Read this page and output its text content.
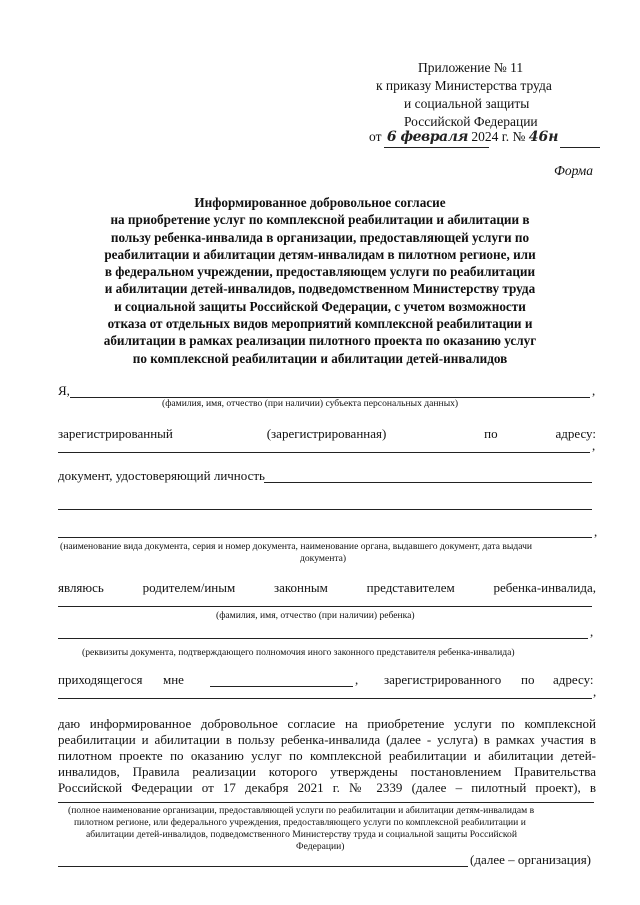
Приложение № 11
к приказу Министерства труда
и социальной защиты
Российской Федерации
от 6 февраля 2024 г. № 46н
Форма
Информированное добровольное согласие
на приобретение услуг по комплексной реабилитации и абилитации в
пользу ребенка-инвалида в организации, предоставляющей услуги по
реабилитации и абилитации детям-инвалидам в пилотном регионе, или
в федеральном учреждении, предоставляющем услуги по реабилитации
и абилитации детей-инвалидов, подведомственном Министерству труда
и социальной защиты Российской Федерации, с учетом возможности
отказа от отдельных видов мероприятий комплексной реабилитации и
абилитации в рамках реализации пилотного проекта по оказанию услуг
по комплексной реабилитации и абилитации детей-инвалидов
Я,	,
(фамилия, имя, отчество (при наличии) субъекта персональных данных)
зарегистрированный	(зарегистрированная)	по	адресу:
,
документ, удостоверяющий личность
,
(наименование вида документа, серия и номер документа, наименование органа, выдавшего документ, дата выдачи
документа)
являюсь	родителем/иным	законным	представителем	ребенка-инвалида,
(фамилия, имя, отчество (при наличии) ребенка)
,
(реквизиты документа, подтверждающего полномочия иного законного представителя ребенка-инвалида)
приходящегося мне	, зарегистрированного по адресу:
,
даю информированное добровольное согласие на приобретение услуги по комплексной
реабилитации и абилитации в пользу ребенка-инвалида (далее - услуга) в рамках участия в
пилотном проекте по оказанию услуг по комплексной реабилитации и абилитации детей-
инвалидов, Правила реализации которого утверждены постановлением Правительства
Российской Федерации от 17 декабря 2021 г. № 2339 (далее – пилотный проект), в
(полное наименование организации, предоставляющей услуги по реабилитации и абилитации детям-инвалидам в
пилотном регионе, или федерального учреждения, предоставляющего услуги по комплексной реабилитации и
абилитации детей-инвалидов, подведомственного Министерству труда и социальной защиты Российской
Федерации)
(далее – организация)
